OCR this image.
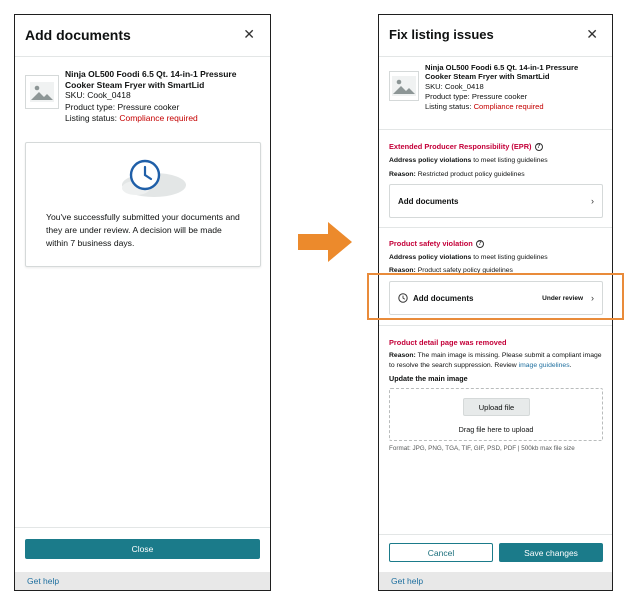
Add documents	✕
Ninja OL500 Foodi 6.5 Qt. 14-in-1 Pressure Cooker Steam Fryer with SmartLid
SKU: Cook_0418
Product type: Pressure cooker
Listing status: Compliance required
You've successfully submitted your documents and they are under review. A decision will be made within 7 business days.
Close
Get help
Fix listing issues	✕
Ninja OL500 Foodi 6.5 Qt. 14-in-1 Pressure Cooker Steam Fryer with SmartLid
SKU: Cook_0418
Product type: Pressure cooker
Listing status: Compliance required
Extended Producer Responsibility (EPR) ?
Address policy violations to meet listing guidelines
Reason: Restricted product policy guidelines
Add documents	›
Product safety violation ?
Address policy violations to meet listing guidelines
Reason: Product safety policy guidelines
Add documents	Under review ›
Product detail page was removed
Reason: The main image is missing. Please submit a compliant image to resolve the search suppression. Review image guidelines.
Update the main image
Upload file
Drag file here to upload
Format: JPG, PNG, TGA, TIF, GIF, PSD, PDF | 500kb max file size
Cancel	Save changes
Get help
